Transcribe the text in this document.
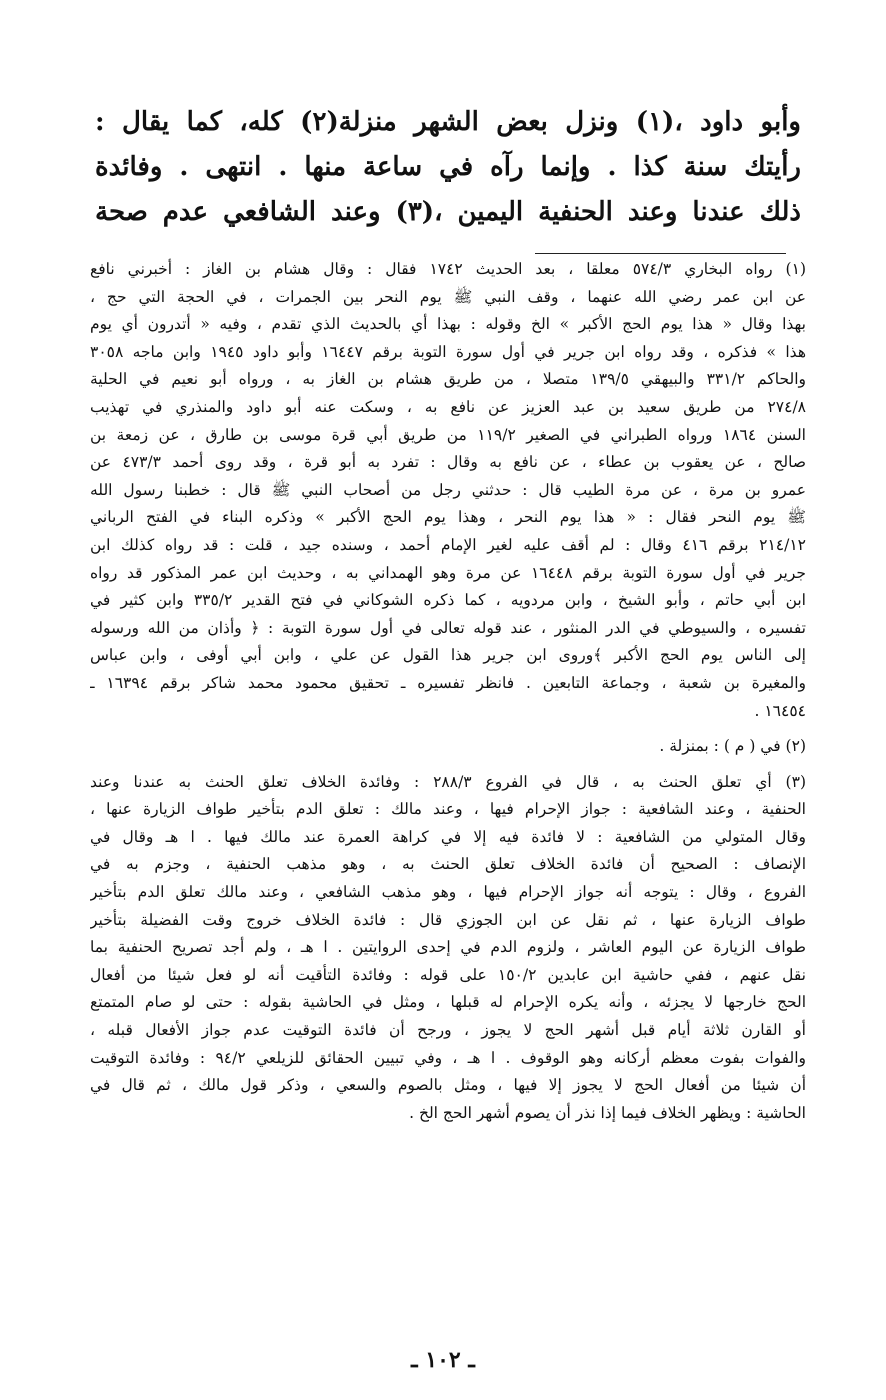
وأبو داود ،(١) ونزل بعض الشهر منزلة(٢) كله، كما يقال :
رأيتك سنة كذا . وإنما رآه في ساعة منها . انتهى . وفائدة
ذلك عندنا وعند الحنفية اليمين ،(٣) وعند الشافعي عدم صحة
(١) رواه البخاري ٥٧٤/٣ معلقا ، بعد الحديث ١٧٤٢ فقال : وقال هشام بن الغاز : أخبرني نافع
عن ابن عمر رضي الله عنهما ، وقف النبي ﷺ يوم النحر بين الجمرات ، في الحجة التي حج ،
بهذا وقال « هذا يوم الحج الأكبر » الخ وقوله : بهذا أي بالحديث الذي تقدم ، وفيه « أتدرون أي يوم
هذا » فذكره ، وقد رواه ابن جرير في أول سورة التوبة برقم ١٦٤٤٧ وأبو داود ١٩٤٥ وابن ماجه ٣٠٥٨
والحاكم ٣٣١/٢ والبيهقي ١٣٩/٥ متصلا ، من طريق هشام بن الغاز به ، ورواه أبو نعيم في الحلية
٢٧٤/٨ من طريق سعيد بن عبد العزيز عن نافع به ، وسكت عنه أبو داود والمنذري في تهذيب
السنن ١٨٦٤ ورواه الطبراني في الصغير ١١٩/٢ من طريق أبي قرة موسى بن طارق ، عن زمعة بن
صالح ، عن يعقوب بن عطاء ، عن نافع به وقال : تفرد به أبو قرة ، وقد روى أحمد ٤٧٣/٣ عن
عمرو بن مرة ، عن مرة الطيب قال : حدثني رجل من أصحاب النبي ﷺ قال : خطبنا رسول الله
ﷺ يوم النحر فقال : « هذا يوم النحر ، وهذا يوم الحج الأكبر » وذكره البناء في الفتح الرباني
٢١٤/١٢ برقم ٤١٦ وقال : لم أقف عليه لغير الإمام أحمد ، وسنده جيد ، قلت : قد رواه كذلك ابن
جرير في أول سورة التوبة برقم ١٦٤٤٨ عن مرة وهو الهمداني به ، وحديث ابن عمر المذكور قد رواه
ابن أبي حاتم ، وأبو الشيخ ، وابن مردويه ، كما ذكره الشوكاني في فتح القدير ٣٣٥/٢ وابن كثير في
تفسيره ، والسيوطي في الدر المنثور ، عند قوله تعالى في أول سورة التوبة : ﴿ وأذان من الله ورسوله
إلى الناس يوم الحج الأكبر ﴾وروى ابن جرير هذا القول عن علي ، وابن أبي أوفى ، وابن عباس
والمغيرة بن شعبة ، وجماعة التابعين . فانظر تفسيره ـ تحقيق محمود محمد شاكر برقم ١٦٣٩٤ ـ
١٦٤٥٤ .
(٢) في ( م ) : بمنزلة .
(٣) أي تعلق الحنث به ، قال في الفروع ٢٨٨/٣ : وفائدة الخلاف تعلق الحنث به عندنا وعند
الحنفية ، وعند الشافعية : جواز الإحرام فيها ، وعند مالك : تعلق الدم بتأخير طواف الزيارة عنها ،
وقال المتولي من الشافعية : لا فائدة فيه إلا في كراهة العمرة عند مالك فيها . ا هـ وقال في
الإنصاف : الصحيح أن فائدة الخلاف تعلق الحنث به ، وهو مذهب الحنفية ، وجزم به في
الفروع ، وقال : يتوجه أنه جواز الإحرام فيها ، وهو مذهب الشافعي ، وعند مالك تعلق الدم بتأخير
طواف الزيارة عنها ، ثم نقل عن ابن الجوزي قال : فائدة الخلاف خروج وقت الفضيلة بتأخير
طواف الزيارة عن اليوم العاشر ، ولزوم الدم في إحدى الروايتين . ا هـ ، ولم أجد تصريح الحنفية بما
نقل عنهم ، ففي حاشية ابن عابدين ١٥٠/٢ على قوله : وفائدة التأقيت أنه لو فعل شيئا من أفعال
الحج خارجها لا يجزئه ، وأنه يكره الإحرام له قبلها ، ومثل في الحاشية بقوله : حتى لو صام المتمتع
أو القارن ثلاثة أيام قبل أشهر الحج لا يجوز ، ورجح أن فائدة التوقيت عدم جواز الأفعال قبله ،
والفوات بفوت معظم أركانه وهو الوقوف . ا هـ ، وفي تبيين الحقائق للزيلعي ٩٤/٢ : وفائدة التوقيت
أن شيئا من أفعال الحج لا يجوز إلا فيها ، ومثل بالصوم والسعي ، وذكر قول مالك ، ثم قال في
الحاشية : ويظهر الخلاف فيما إذا نذر أن يصوم أشهر الحج الخ .
ـ ١٠٢ ـ
